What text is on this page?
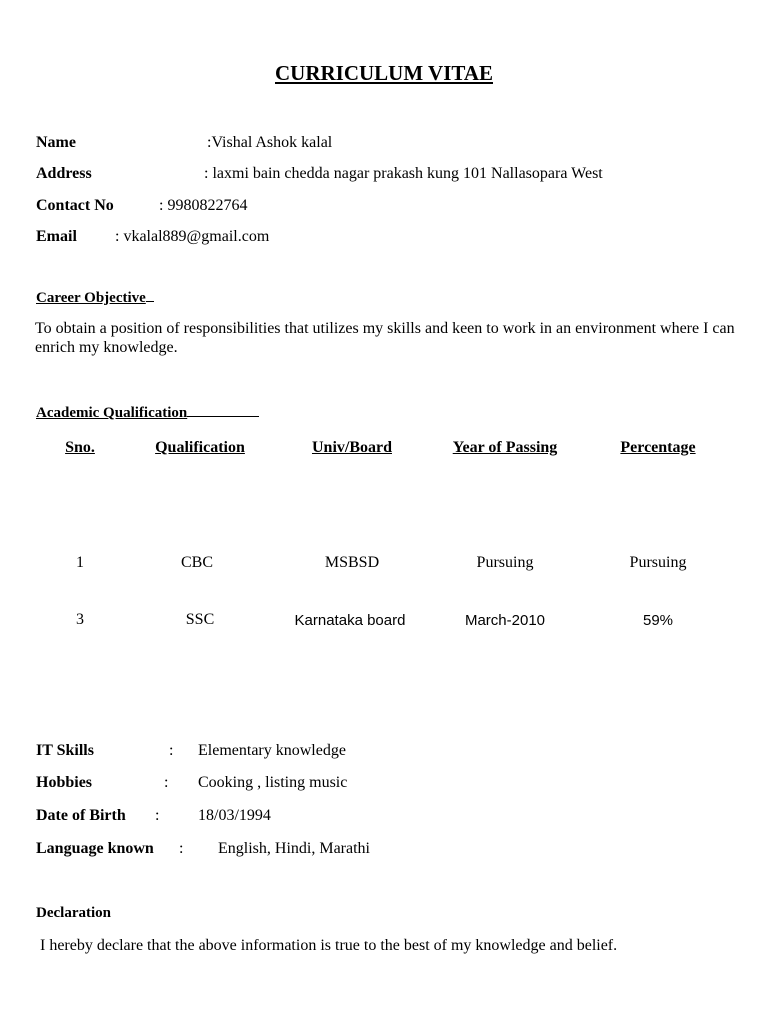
CURRICULUM VITAE
Name	:Vishal Ashok kalal
Address	: laxmi bain chedda nagar prakash kung 101 Nallasopara West
Contact No	: 9980822764
Email : vkalal889@gmail.com
Career Objective
To obtain a position of responsibilities that utilizes my skills and keen to work in an environment where I can enrich my knowledge.
Academic Qualification
Sno.	Qualification	Univ/Board	Year of Passing	Percentage
1	CBC	MSBSD	Pursuing	Pursuing
3	SSC	Karnataka board	March-2010	59%
IT Skills	: Elementary knowledge
Hobbies	: Cooking , listing music
Date of Birth : 18/03/1994
Language known : English, Hindi, Marathi
Declaration
I hereby declare that the above information is true to the best of my knowledge and belief.
